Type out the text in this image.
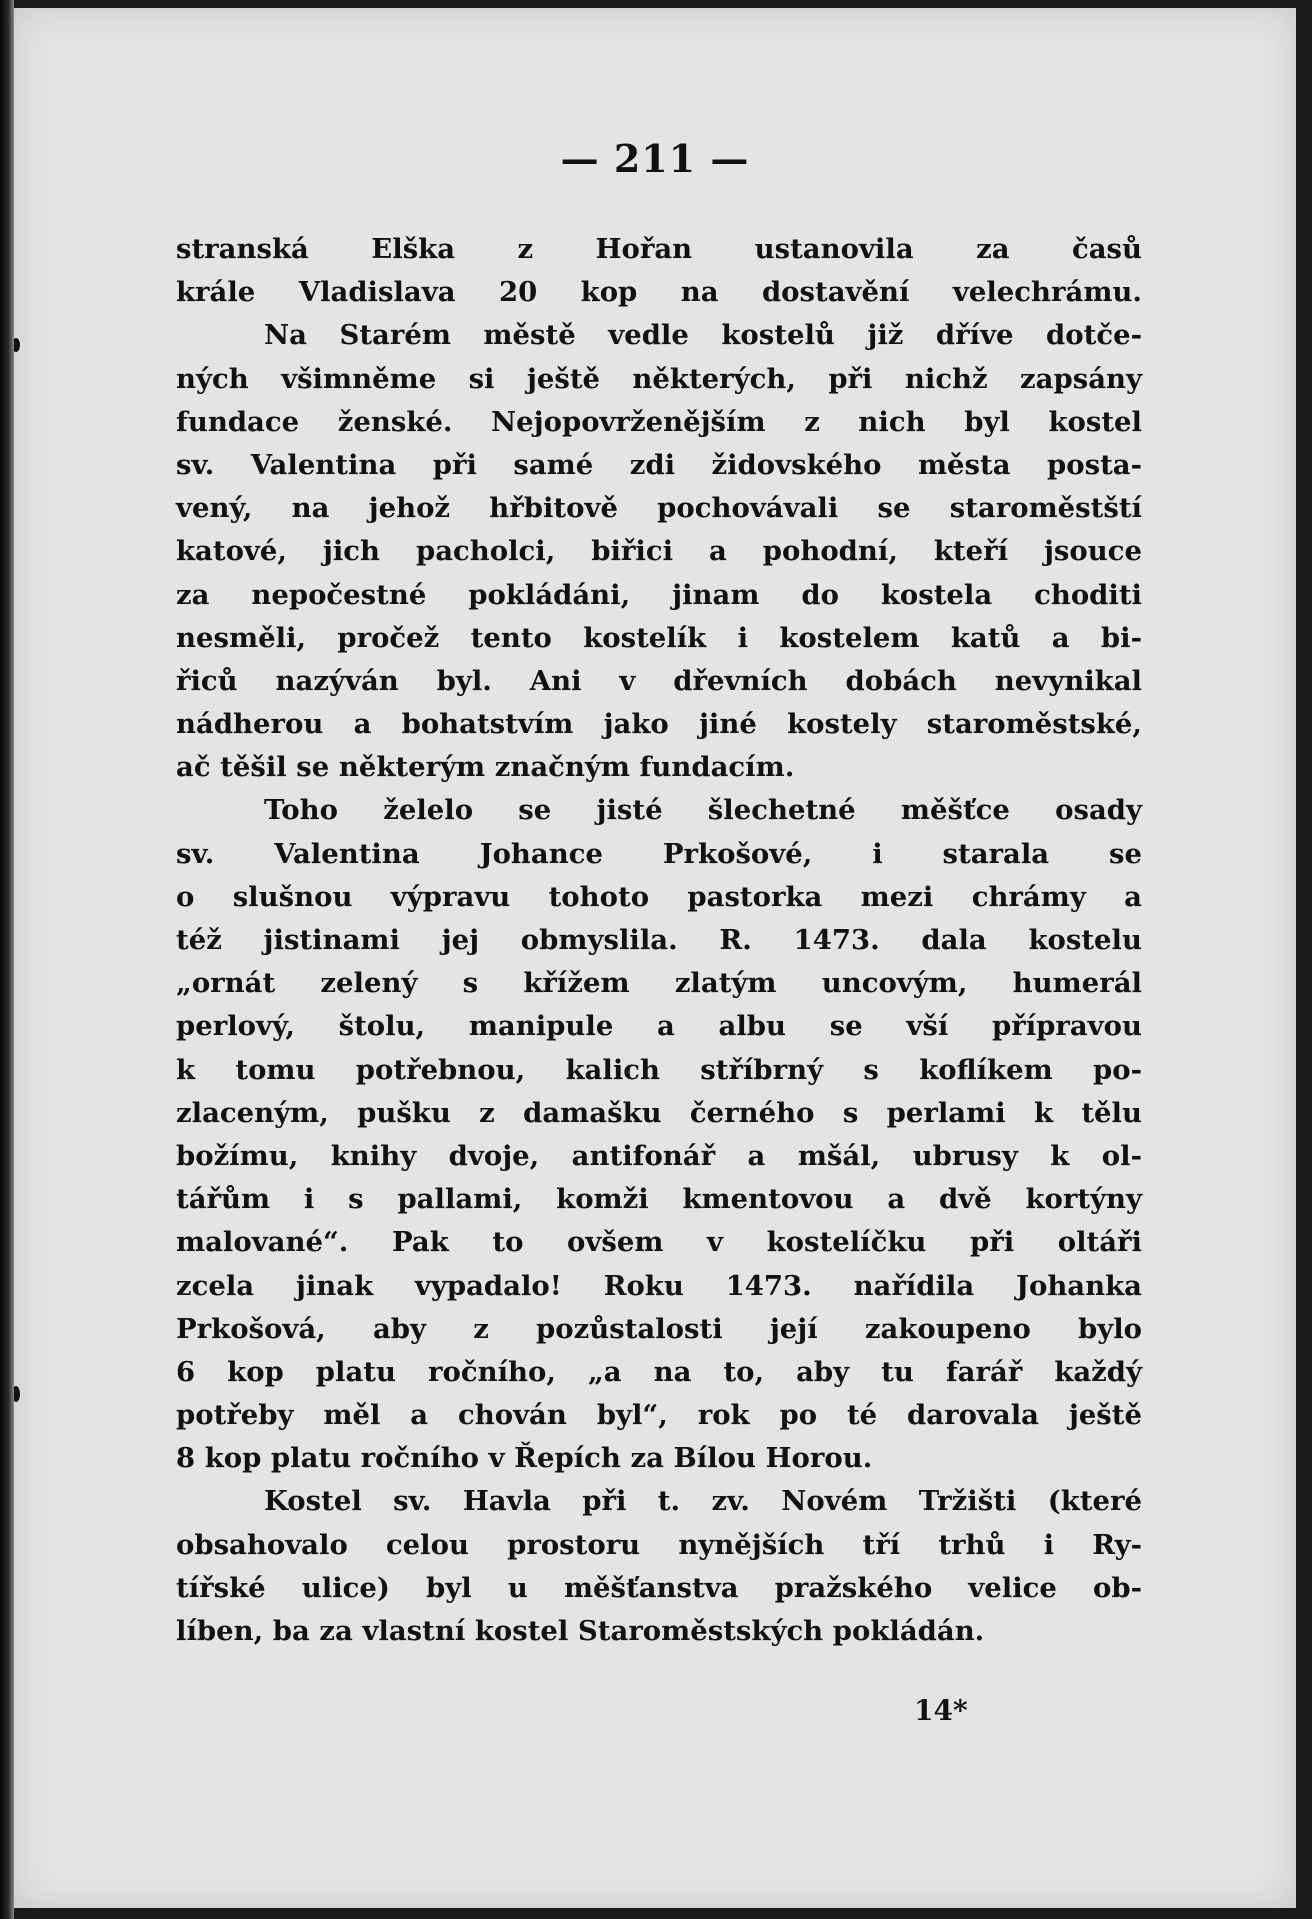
— 211 —
stranská Elška z Hořan ustanovila za časů
krále Vladislava 20 kop na dostavění velechrámu.
Na Starém městě vedle kostelů již dříve dotče-
ných všimněme si ještě některých, při nichž zapsány
fundace ženské. Nejopovrženějším z nich byl kostel
sv. Valentina při samé zdi židovského města posta-
vený, na jehož hřbitově pochovávali se staroměstští
katové, jich pacholci, biřici a pohodní, kteří jsouce
za nepočestné pokládáni, jinam do kostela choditi
nesměli, pročež tento kostelík i kostelem katů a bi-
řiců nazýván byl. Ani v dřevních dobách nevynikal
nádherou a bohatstvím jako jiné kostely staroměstské,
ač těšil se některým značným fundacím.
Toho želelo se jisté šlechetné měšťce osady
sv. Valentina Johance Prkošové, i starala se
o slušnou výpravu tohoto pastorka mezi chrámy a
též jistinami jej obmyslila. R. 1473. dala kostelu
„ornát zelený s křížem zlatým uncovým, humerál
perlový, štolu, manipule a albu se vší přípravou
k tomu potřebnou, kalich stříbrný s koflíkem po-
zlaceným, pušku z damašku černého s perlami k tělu
božímu, knihy dvoje, antifonář a mšál, ubrusy k ol-
tářům i s pallami, komži kmentovou a dvě kortýny
malované“. Pak to ovšem v kostelíčku při oltáři
zcela jinak vypadalo! Roku 1473. nařídila Johanka
Prkošová, aby z pozůstalosti její zakoupeno bylo
6 kop platu ročního, „a na to, aby tu farář každý
potřeby měl a chován byl“, rok po té darovala ještě
8 kop platu ročního v Řepích za Bílou Horou.
Kostel sv. Havla při t. zv. Novém Tržišti (které
obsahovalo celou prostoru nynějších tří trhů i Ry-
tířské ulice) byl u měšťanstva pražského velice ob-
líben, ba za vlastní kostel Staroměstských pokládán.
14*
